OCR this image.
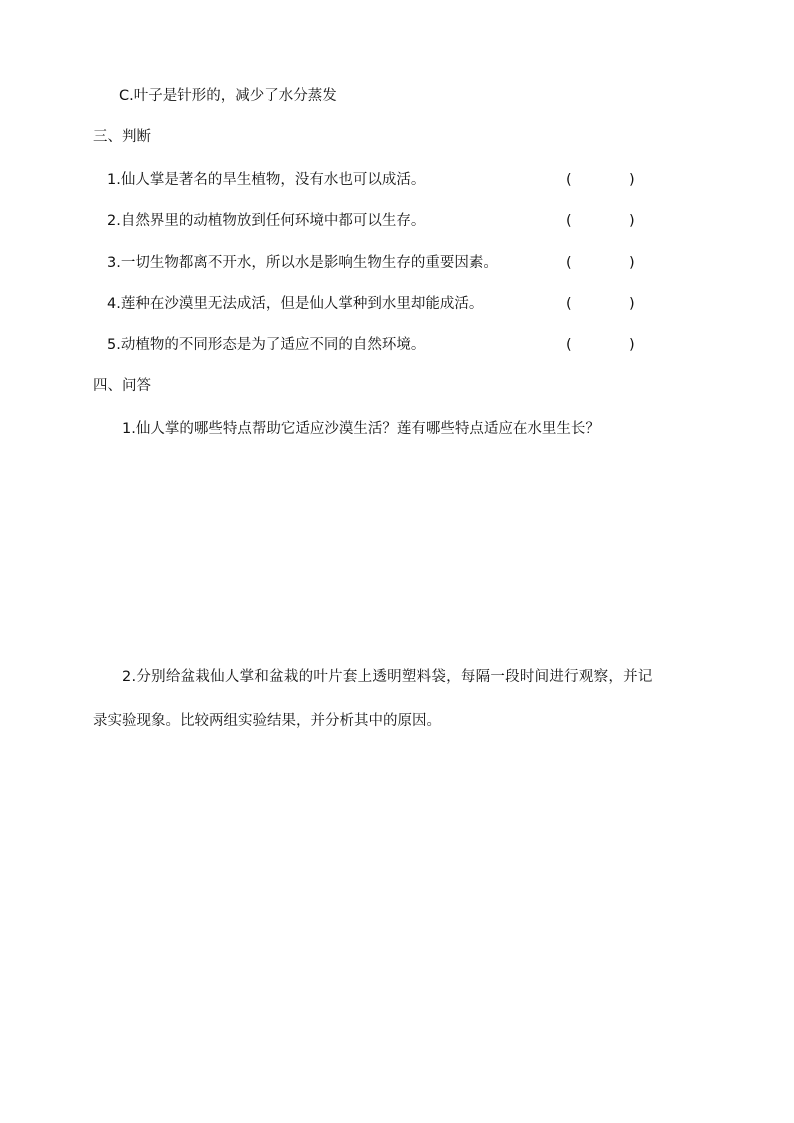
C.叶子是针形的，减少了水分蒸发
三、判断
1.仙人掌是著名的旱生植物，没有水也可以成活。	(	)
2.自然界里的动植物放到任何环境中都可以生存。	(	)
3.一切生物都离不开水，所以水是影响生物生存的重要因素。	(	)
4.莲种在沙漠里无法成活，但是仙人掌种到水里却能成活。	(	)
5.动植物的不同形态是为了适应不同的自然环境。	(	)
四、问答
1.仙人掌的哪些特点帮助它适应沙漠生活？莲有哪些特点适应在水里生长？
2.分别给盆栽仙人掌和盆栽的叶片套上透明塑料袋，每隔一段时间进行观察，并记
录实验现象。比较两组实验结果，并分析其中的原因。
